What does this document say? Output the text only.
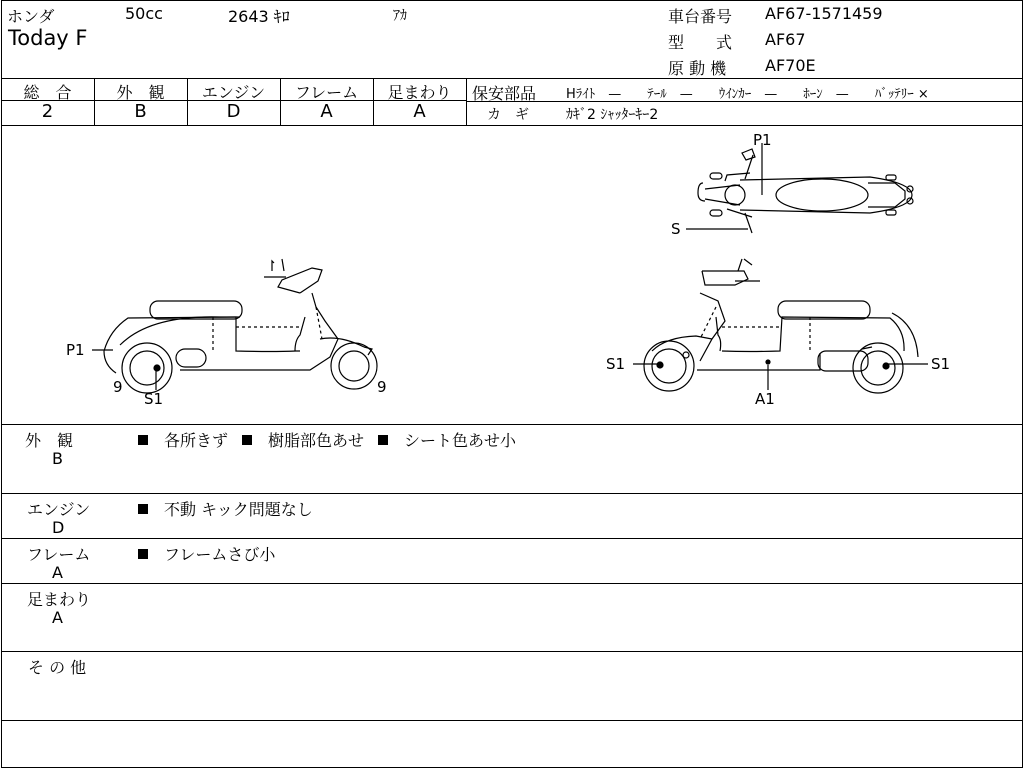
ホンダ	50cc	2643 ｷﾛ	ｱｶ
Today F
車台番号 AF67-1571459
型　　式 AF67
原 動 機 AF70E
総　合	外　観	エンジン	フレーム	足まわり
2	B	D	A	A
保安部品 Hﾗｲﾄ　—　　ﾃｰﾙ　—　　ｳｲﾝｶｰ　—　　ﾎｰﾝ　—　　ﾊﾞｯﾃﾘｰ ×
カ　ギ	ｶｷﾞ2 ｼｬｯﾀｰｷｰ2
P1
9
S1
9
P1
S
S1	S1
A1
外　観
B
各所きず	樹脂部色あせ	シート色あせ小
エンジン
D
不動 キック問題なし
フレーム
A
フレームさび小
足まわり
A
そ の 他
